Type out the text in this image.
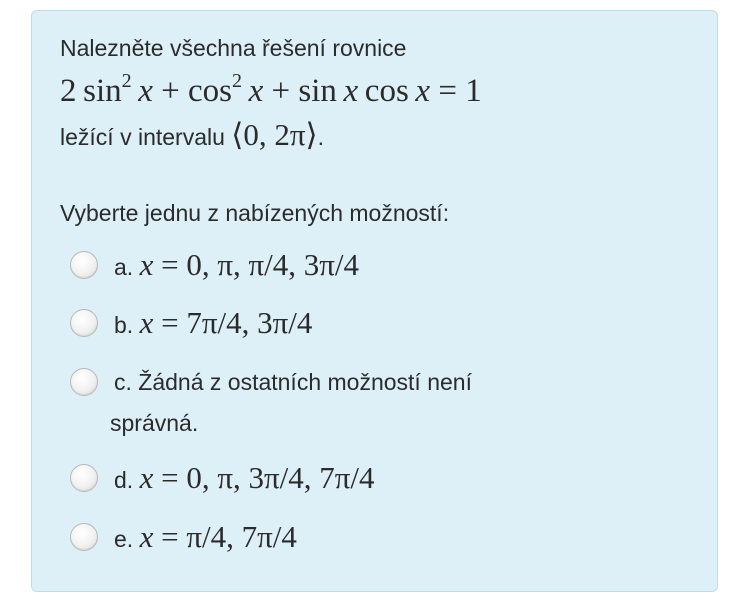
Nalezněte všechna řešení rovnice

2  $\sin^2 x + \cos^2 x + \sin x$  cos  x = 1

ležící v intervalu ⟨0, 2π⟩.

Vyberte jednu z nabízených možností:

a. x = 0, π, π/4, 3π/4
b. x = 7π/4, 3π/4
c. Žádná z ostatních možností není
správná.
d. x = 0, π, 3π/4, 7π/4
e. x = π/4, 7π/4
